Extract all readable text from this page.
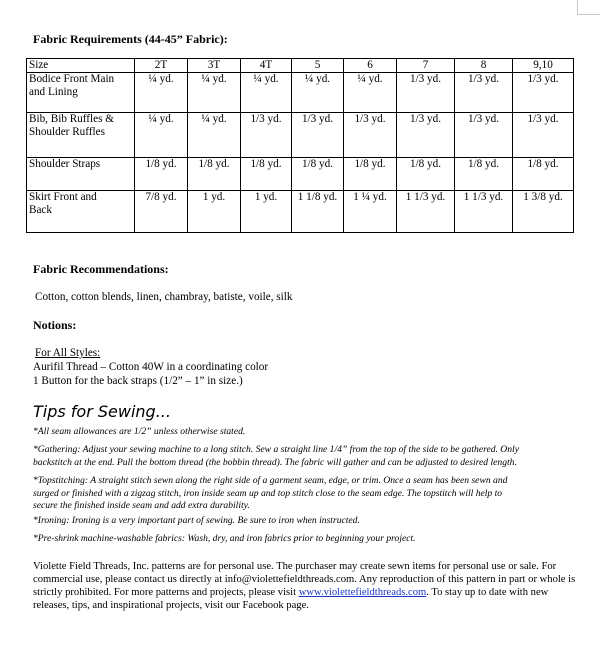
Fabric Requirements (44-45” Fabric):
Size	2T	3T	4T	5	6	7	8	9,10

Bodice Front Main
and Lining	¼ yd.	¼ yd.	¼ yd.	¼ yd.	¼ yd.	1/3 yd.	1/3 yd.	1/3 yd.

Bib, Bib Ruffles &
Shoulder Ruffles	¼ yd.	¼ yd.	1/3 yd.	1/3 yd.	1/3 yd.	1/3 yd.	1/3 yd.	1/3 yd.

Shoulder Straps	1/8 yd.	1/8 yd.	1/8 yd.	1/8 yd.	1/8 yd.	1/8 yd.	1/8 yd.	1/8 yd.

Skirt Front and
Back	7/8 yd.	1 yd.	1 yd.	1 1/8 yd.	1 ¼ yd.	1 1/3 yd.	1 1/3 yd.	1 3/8 yd.
Fabric Recommendations:
Cotton, cotton blends, linen, chambray, batiste, voile, silk
Notions:
For All Styles:
Aurifil Thread – Cotton 40W in a coordinating color
1 Button for the back straps (1/2” – 1” in size.)
Tips for Sewing...
*All seam allowances are 1/2” unless otherwise stated.
*Gathering: Adjust your sewing machine to a long stitch. Sew a straight line 1/4” from the top of the side to be gathered. Only
backstitch at the end. Pull the bottom thread (the bobbin thread). The fabric will gather and can be adjusted to desired length.
*Topstitching: A straight stitch sewn along the right side of a garment seam, edge, or trim. Once a seam has been sewn and
surged or finished with a zigzag stitch, iron inside seam up and top stitch close to the seam edge. The topstitch will help to
secure the finished inside seam and add extra durability.
*Ironing: Ironing is a very important part of sewing. Be sure to iron when instructed.
*Pre-shrink machine-washable fabrics: Wash, dry, and iron fabrics prior to beginning your project.
Violette Field Threads, Inc. patterns are for personal use. The purchaser may create sewn items for personal use or sale. For
commercial use, please contact us directly at info@violettefieldthreads.com. Any reproduction of this pattern in part or whole is
strictly prohibited. For more patterns and projects, please visit www.violettefieldthreads.com. To stay up to date with new
releases, tips, and inspirational projects, visit our Facebook page.
